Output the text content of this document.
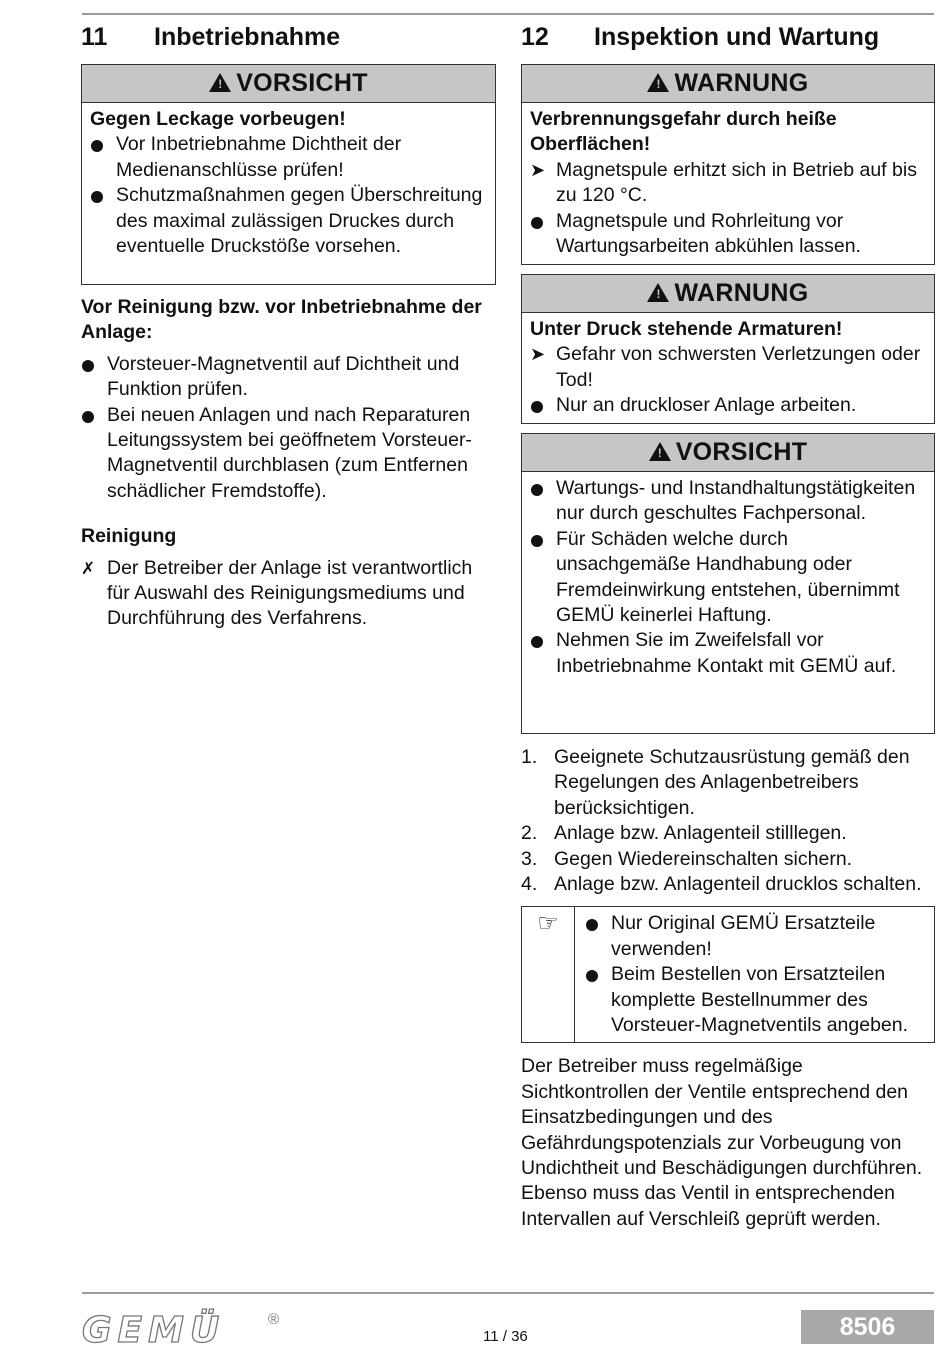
11	Inbetriebnahme
!
VORSICHT

Gegen Leckage vorbeugen!

Vor Inbetriebnahme Dichtheit der Medienanschlüsse prüfen!
Schutzmaßnahmen gegen Überschreitung des maximal zulässigen Druckes durch eventuelle Druckstöße vorsehen.

Vor Reinigung bzw. vor Inbetriebnahme der Anlage:

Vorsteuer-Magnetventil auf Dichtheit und Funktion prüfen.
Bei neuen Anlagen und nach Reparaturen Leitungssystem bei geöffnetem Vorsteuer-Magnetventil durchblasen (zum Entfernen schädlicher Fremdstoffe).

Reinigung

✗ Der Betreiber der Anlage ist verantwortlich für Auswahl des Reinigungsmediums und Durchführung des Verfahrens.
12	Inspektion und Wartung
!
WARNUNG

Verbrennungsgefahr durch heiße Oberflächen!

➤ Magnetspule erhitzt sich in Betrieb auf bis zu 120 °C.
Magnetspule und Rohrleitung vor Wartungsarbeiten abkühlen lassen.
!
WARNUNG

Unter Druck stehende Armaturen!

➤ Gefahr von schwersten Verletzungen oder Tod!
Nur an druckloser Anlage arbeiten.
!
VORSICHT
Wartungs- und Instandhaltungstätigkeiten nur durch geschultes Fachpersonal.
Für Schäden welche durch unsachgemäße Handhabung oder Fremdeinwirkung entstehen, übernimmt GEMÜ keinerlei Haftung.
Nehmen Sie im Zweifelsfall vor Inbetriebnahme Kontakt mit GEMÜ auf.
1. Geeignete Schutzausrüstung gemäß den Regelungen des Anlagenbetreibers berücksichtigen.
2. Anlage bzw. Anlagenteil stilllegen.
3. Gegen Wiedereinschalten sichern.
4. Anlage bzw. Anlagenteil drucklos schalten.
☞	Nur Original GEMÜ Ersatzteile verwenden!
Beim Bestellen von Ersatzteilen komplette Bestellnummer des Vorsteuer-Magnetventils angeben.

Der Betreiber muss regelmäßige Sichtkontrollen der Ventile entsprechend den Einsatzbedingungen und des Gefährdungspotenzials zur Vorbeugung von Undichtheit und Beschädigungen durchführen. Ebenso muss das Ventil in entsprechenden Intervallen auf Verschleiß geprüft werden.

GEMÜ	®
11 / 36	8506
